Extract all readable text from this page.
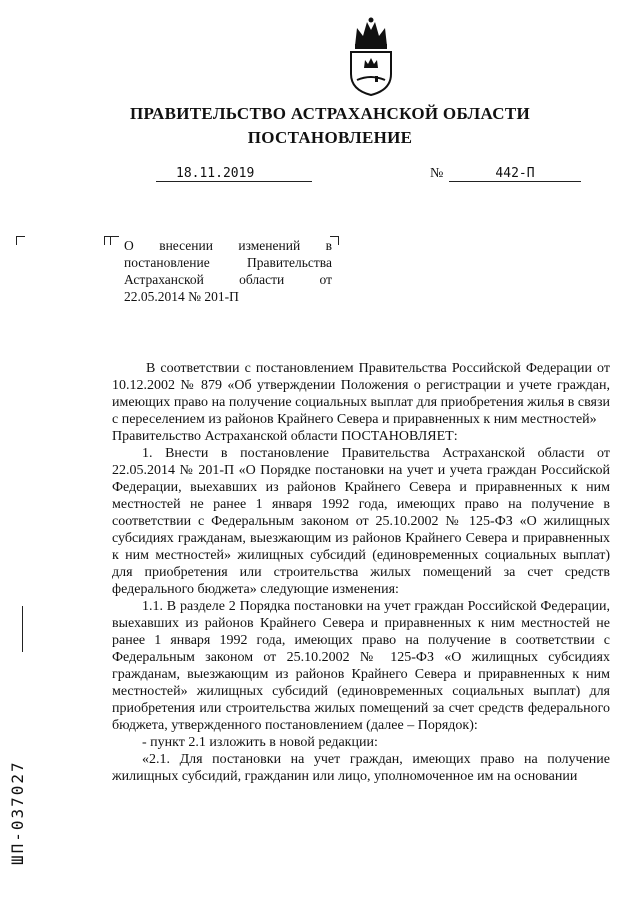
ПРАВИТЕЛЬСТВО АСТРАХАНСКОЙ ОБЛАСТИ
ПОСТАНОВЛЕНИЕ
18.11.2019	№	442-П
О внесении изменений в
постановление Правительства
Астраханской области от
22.05.2014 № 201-П

В соответствии с постановлением Правительства Российской Федерации от 10.12.2002 № 879 «Об утверждении Положения о регистрации и учете граждан, имеющих право на получение социальных выплат для приобретения жилья в связи с переселением из районов Крайнего Севера и приравненных к ним местностей»

Правительство Астраханской области ПОСТАНОВЛЯЕТ:

1. Внести в постановление Правительства Астраханской области от 22.05.2014 № 201-П «О Порядке постановки на учет и учета граждан Российской Федерации, выехавших из районов Крайнего Севера и приравненных к ним местностей не ранее 1 января 1992 года, имеющих право на получение в соответствии с Федеральным законом от 25.10.2002 № 125-ФЗ «О жилищных субсидиях гражданам, выезжающим из районов Крайнего Севера и приравненных к ним местностей» жилищных субсидий (единовременных социальных выплат) для приобретения или строительства жилых помещений за счет средств федерального бюджета» следующие изменения:

1.1. В разделе 2 Порядка постановки на учет граждан Российской Федерации, выехавших из районов Крайнего Севера и приравненных к ним местностей не ранее 1 января 1992 года, имеющих право на получение в соответствии с Федеральным законом от 25.10.2002 № 125-ФЗ «О жилищных субсидиях гражданам, выезжающим из районов Крайнего Севера и приравненных к ним местностей» жилищных субсидий (единовременных социальных выплат) для приобретения или строительства жилых помещений за счет средств федерального бюджета, утвержденного постановлением (далее – Порядок):

- пункт 2.1 изложить в новой редакции:

«2.1. Для постановки на учет граждан, имеющих право на получение жилищных субсидий, гражданин или лицо, уполномоченное им на основании

ШП-037027
